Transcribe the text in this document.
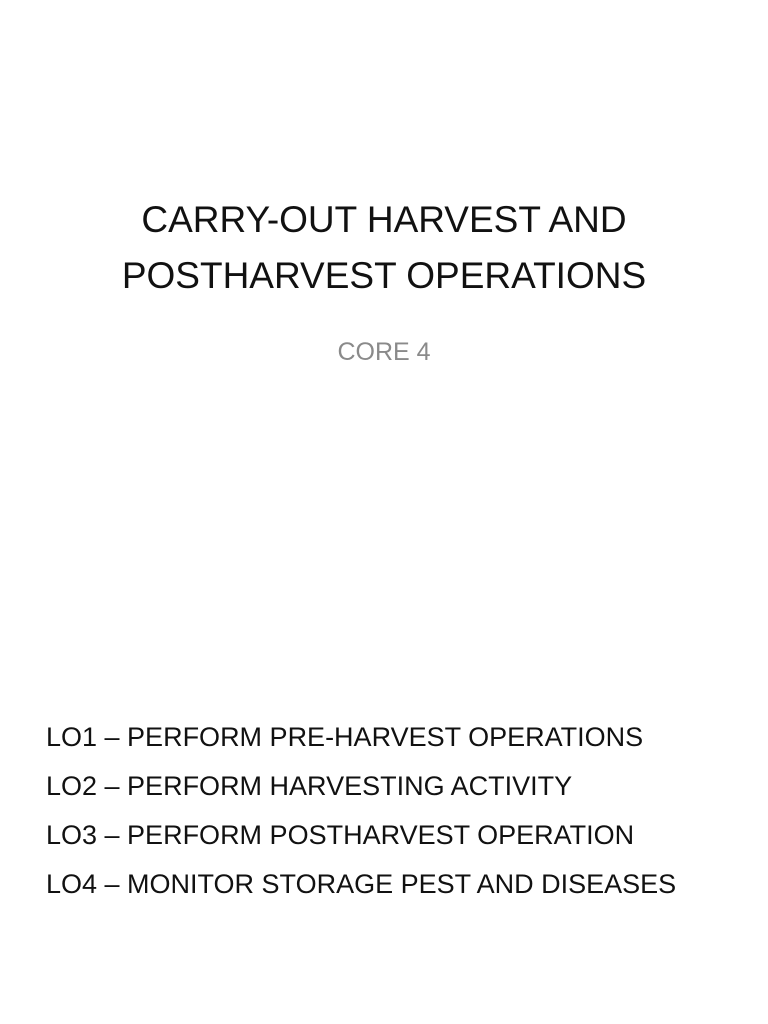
CARRY-OUT HARVEST AND
POSTHARVEST OPERATIONS
CORE 4
LO1 – PERFORM PRE-HARVEST OPERATIONS
LO2 – PERFORM HARVESTING ACTIVITY
LO3 – PERFORM POSTHARVEST OPERATION
LO4 – MONITOR STORAGE PEST AND DISEASES
